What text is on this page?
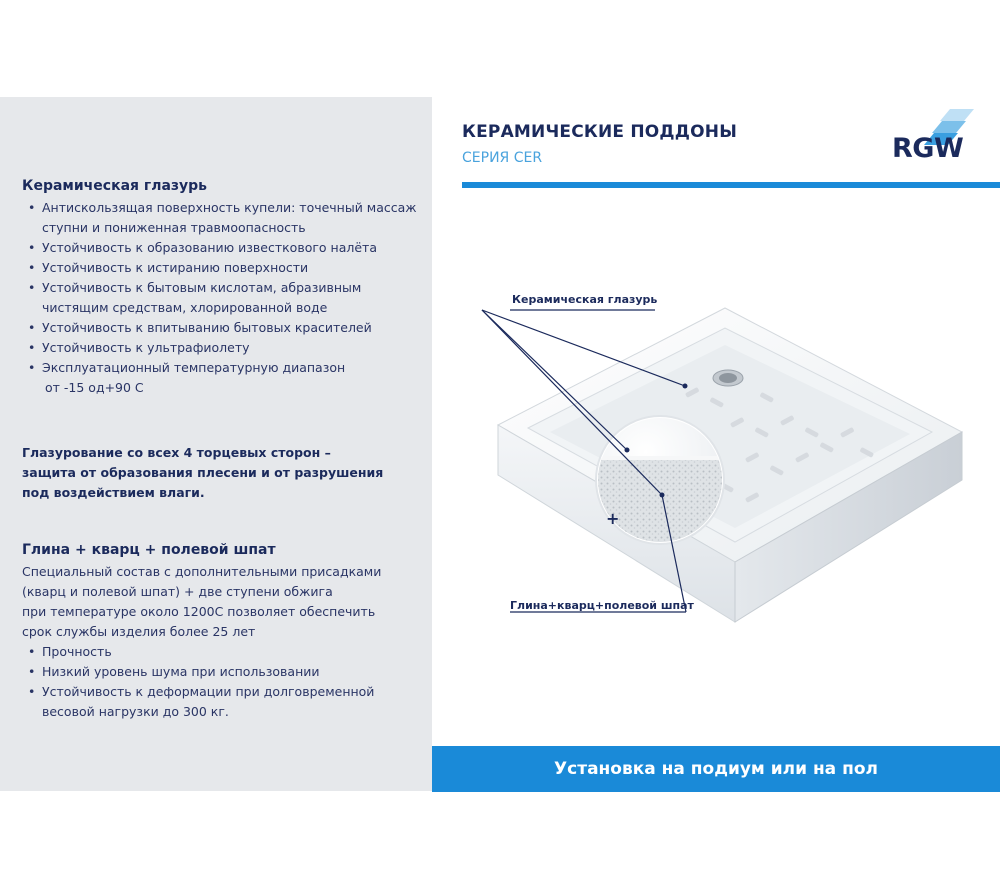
Керамическая глазурь
• Антискользящая поверхность купели: точечный массаж
ступни и пониженная травмоопасность
• Устойчивость к образованию известкового налёта
• Устойчивость к истиранию поверхности
• Устойчивость к бытовым кислотам, абразивным
чистящим средствам, хлорированной воде
• Устойчивость к впитыванию бытовых красителей
• Устойчивость к ультрафиолету
• Эксплуатационный температурную диапазон
от -15 од+90 С
Глазурование со всех 4 торцевых сторон –
защита от образования плесени и от разрушения
под воздействием влаги.
Глина + кварц + полевой шпат
Специальный состав с дополнительными присадками
(кварц и полевой шпат) + две ступени обжига
при температуре около 1200С позволяет обеспечить
срок службы изделия более 25 лет
• Прочность
• Низкий уровень шума при использовании
• Устойчивость к деформации при долговременной
весовой нагрузки до 300 кг.
КЕРАМИЧЕСКИЕ ПОДДОНЫ
СЕРИЯ CER	RGW
Керамическая глазурь
Глина+кварц+полевой шпат
+
Установка на подиум или на пол
